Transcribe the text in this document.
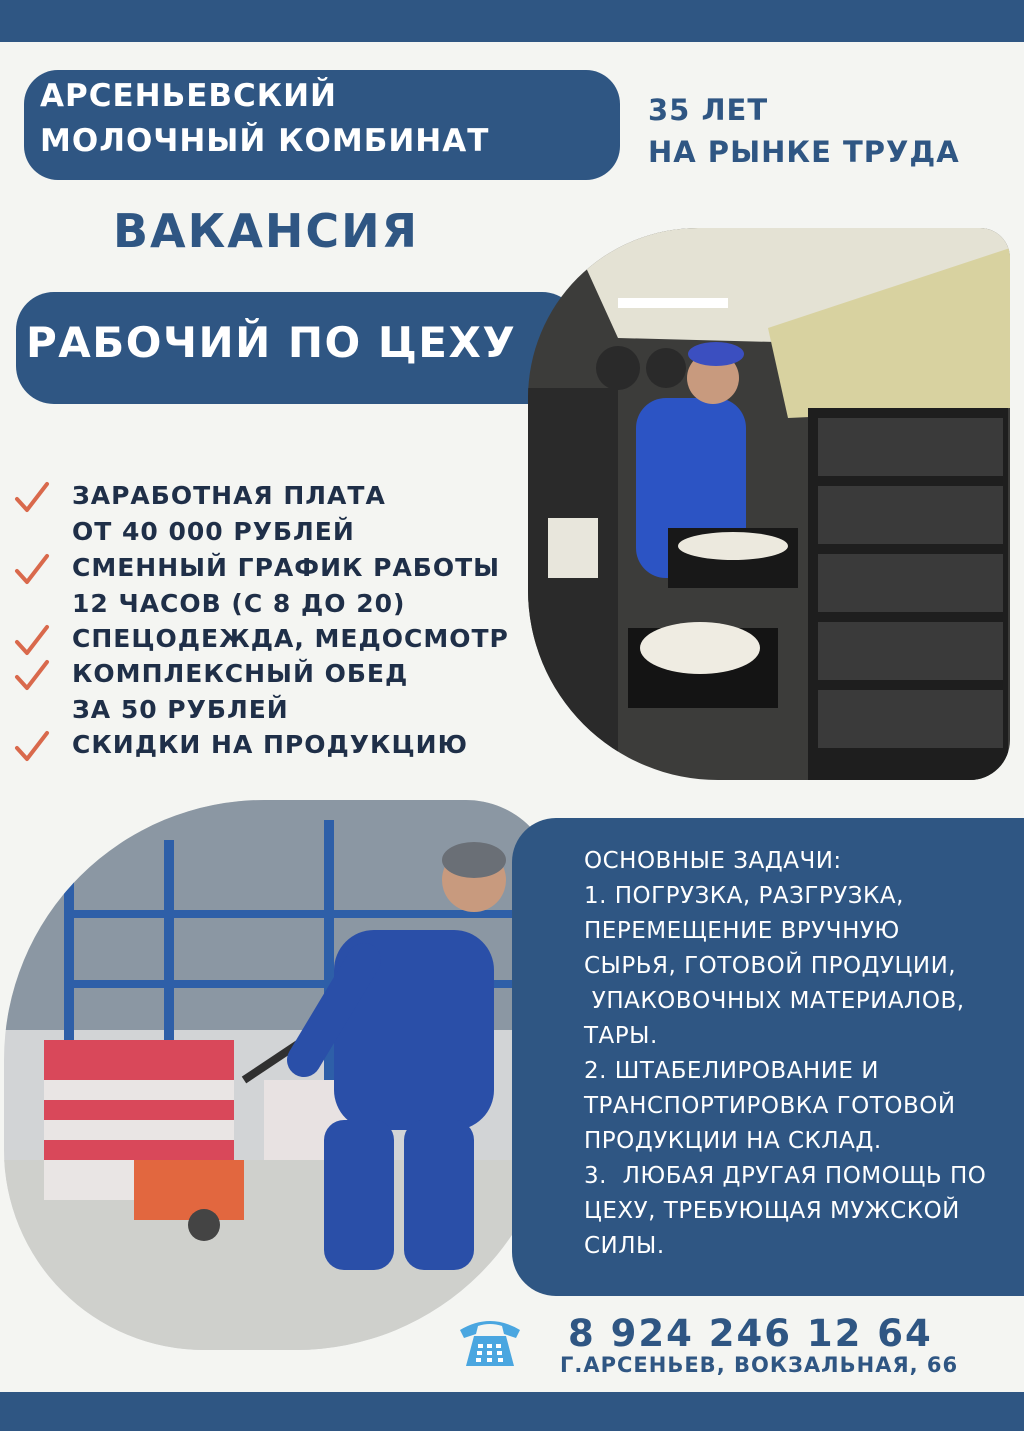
АРСЕНЬЕВСКИЙ
МОЛОЧНЫЙ КОМБИНАТ
35 ЛЕТ
НА РЫНКЕ ТРУДА
ВАКАНСИЯ
РАБОЧИЙ ПО ЦЕХУ
ЗАРАБОТНАЯ ПЛАТА
ОТ 40 000 РУБЛЕЙ
СМЕННЫЙ ГРАФИК РАБОТЫ
12 ЧАСОВ (С 8 ДО 20)
СПЕЦОДЕЖДА, МЕДОСМОТР
КОМПЛЕКСНЫЙ ОБЕД
ЗА 50 РУБЛЕЙ
СКИДКИ НА ПРОДУКЦИЮ
ОСНОВНЫЕ ЗАДАЧИ:
1. ПОГРУЗКА, РАЗГРУЗКА,
ПЕРЕМЕЩЕНИЕ ВРУЧНУЮ
СЫРЬЯ, ГОТОВОЙ ПРОДУЦИИ,
УПАКОВОЧНЫХ МАТЕРИАЛОВ,
ТАРЫ.
2. ШТАБЕЛИРОВАНИЕ И
ТРАНСПОРТИРОВКА ГОТОВОЙ
ПРОДУКЦИИ НА СКЛАД.
3.  ЛЮБАЯ ДРУГАЯ ПОМОЩЬ ПО
ЦЕХУ, ТРЕБУЮЩАЯ МУЖСКОЙ
СИЛЫ.
8 924 246 12 64
Г.АРСЕНЬЕВ, ВОКЗАЛЬНАЯ, 66
